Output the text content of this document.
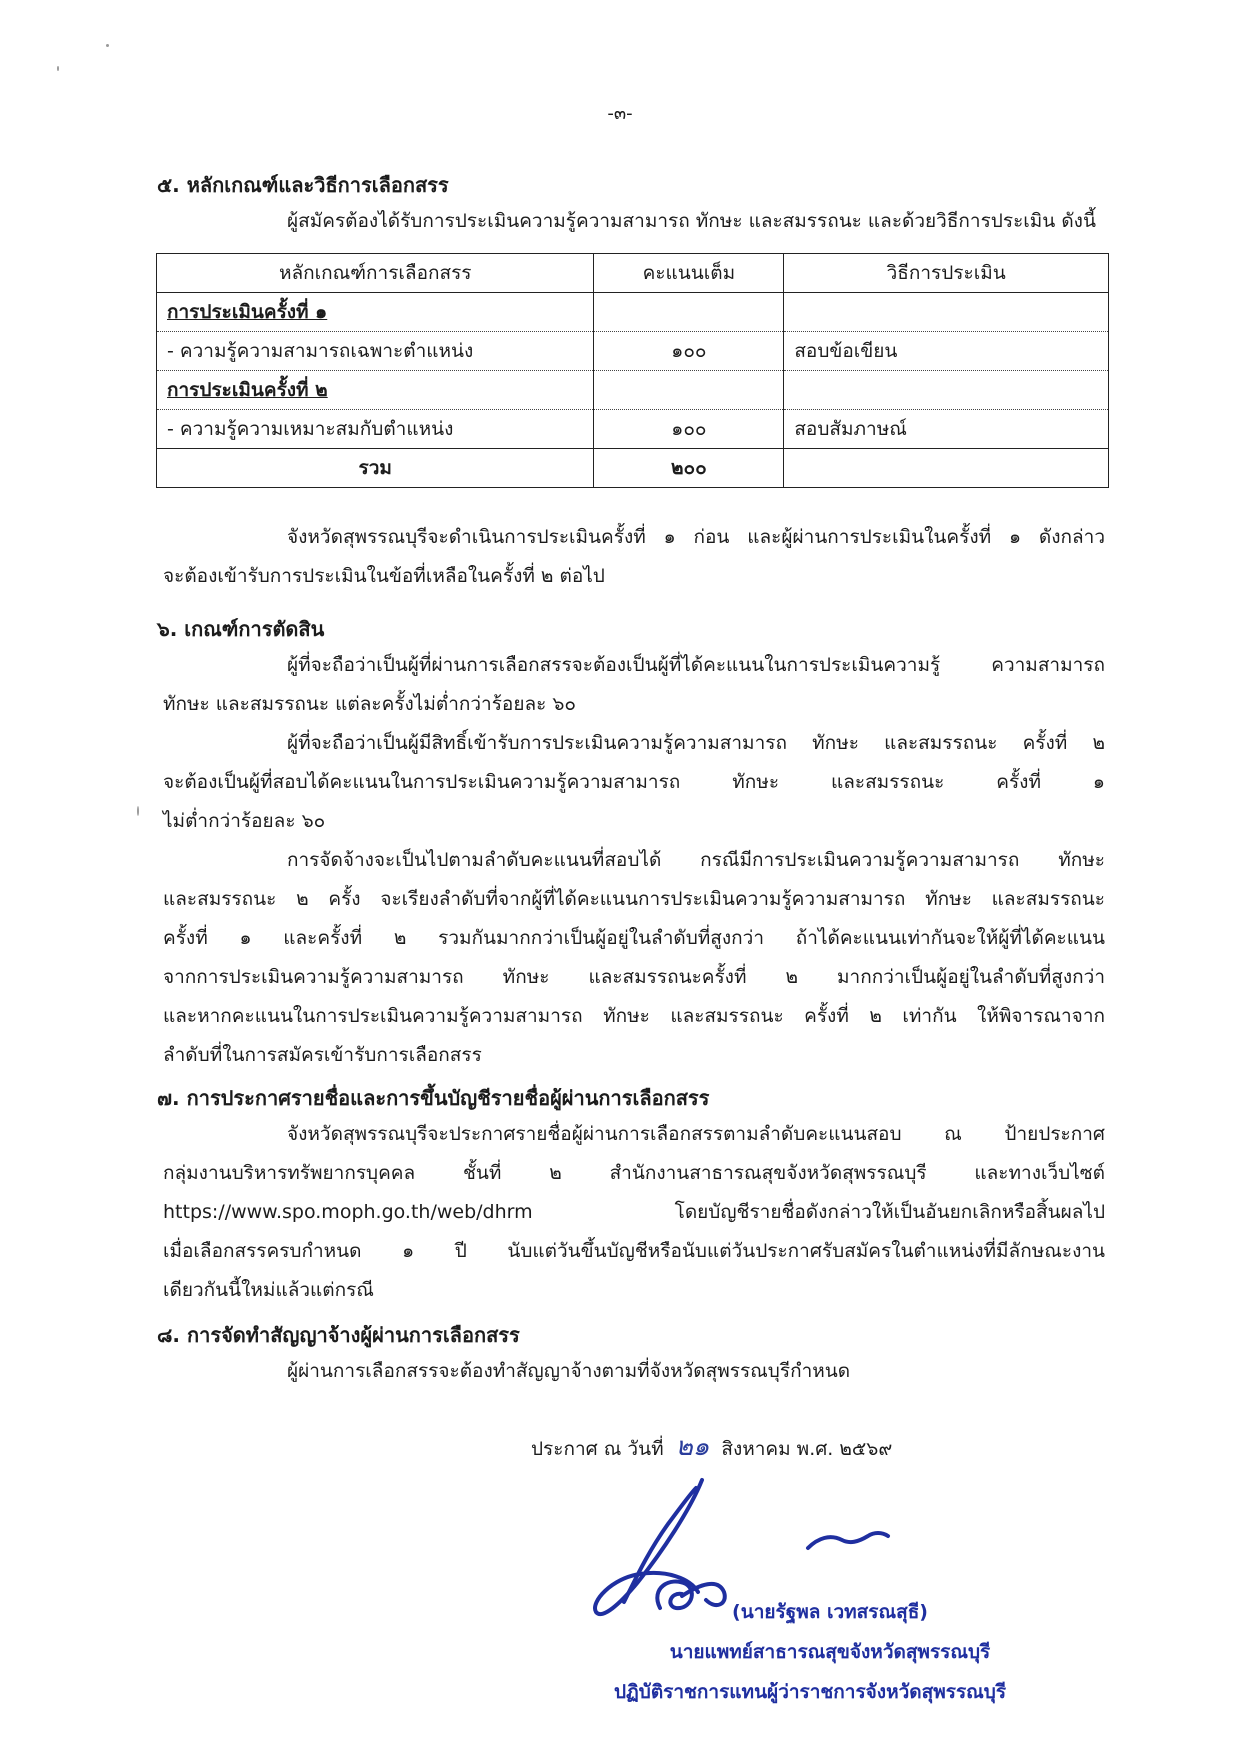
-๓-
๕. หลักเกณฑ์และวิธีการเลือกสรร
ผู้สมัครต้องได้รับการประเมินความรู้ความสามารถ ทักษะ และสมรรถนะ และด้วยวิธีการประเมิน ดังนี้
หลักเกณฑ์การเลือกสรร	คะแนนเต็ม	วิธีการประเมิน
การประเมินครั้งที่ ๑		
- ความรู้ความสามารถเฉพาะตำแหน่ง	๑๐๐	สอบข้อเขียน
การประเมินครั้งที่ ๒		
- ความรู้ความเหมาะสมกับตำแหน่ง	๑๐๐	สอบสัมภาษณ์
รวม	๒๐๐	
จังหวัดสุพรรณบุรีจะดำเนินการประเมินครั้งที่ ๑ ก่อน และผู้ผ่านการประเมินในครั้งที่ ๑ ดังกล่าว
จะต้องเข้ารับการประเมินในข้อที่เหลือในครั้งที่ ๒ ต่อไป
๖. เกณฑ์การตัดสิน
ผู้ที่จะถือว่าเป็นผู้ที่ผ่านการเลือกสรรจะต้องเป็นผู้ที่ได้คะแนนในการประเมินความรู้ ความสามารถ
ทักษะ และสมรรถนะ แต่ละครั้งไม่ต่ำกว่าร้อยละ ๖๐
ผู้ที่จะถือว่าเป็นผู้มีสิทธิ์เข้ารับการประเมินความรู้ความสามารถ ทักษะ และสมรรถนะ ครั้งที่ ๒
จะต้องเป็นผู้ที่สอบได้คะแนนในการประเมินความรู้ความสามารถ ทักษะ และสมรรถนะ ครั้งที่ ๑
ไม่ต่ำกว่าร้อยละ ๖๐
การจัดจ้างจะเป็นไปตามลำดับคะแนนที่สอบได้ กรณีมีการประเมินความรู้ความสามารถ ทักษะ
และสมรรถนะ ๒ ครั้ง จะเรียงลำดับที่จากผู้ที่ได้คะแนนการประเมินความรู้ความสามารถ ทักษะ และสมรรถนะ
ครั้งที่ ๑ และครั้งที่ ๒ รวมกันมากกว่าเป็นผู้อยู่ในลำดับที่สูงกว่า ถ้าได้คะแนนเท่ากันจะให้ผู้ที่ได้คะแนน
จากการประเมินความรู้ความสามารถ ทักษะ และสมรรถนะครั้งที่ ๒ มากกว่าเป็นผู้อยู่ในลำดับที่สูงกว่า
และหากคะแนนในการประเมินความรู้ความสามารถ ทักษะ และสมรรถนะ ครั้งที่ ๒ เท่ากัน ให้พิจารณาจาก
ลำดับที่ในการสมัครเข้ารับการเลือกสรร
๗. การประกาศรายชื่อและการขึ้นบัญชีรายชื่อผู้ผ่านการเลือกสรร
จังหวัดสุพรรณบุรีจะประกาศรายชื่อผู้ผ่านการเลือกสรรตามลำดับคะแนนสอบ ณ ป้ายประกาศ
กลุ่มงานบริหารทรัพยากรบุคคล ชั้นที่ ๒ สำนักงานสาธารณสุขจังหวัดสุพรรณบุรี และทางเว็บไซต์
https://www.spo.moph.go.th/web/dhrm โดยบัญชีรายชื่อดังกล่าวให้เป็นอันยกเลิกหรือสิ้นผลไป
เมื่อเลือกสรรครบกำหนด ๑ ปี นับแต่วันขึ้นบัญชีหรือนับแต่วันประกาศรับสมัครในตำแหน่งที่มีลักษณะงาน
เดียวกันนี้ใหม่แล้วแต่กรณี
๘. การจัดทำสัญญาจ้างผู้ผ่านการเลือกสรร
ผู้ผ่านการเลือกสรรจะต้องทำสัญญาจ้างตามที่จังหวัดสุพรรณบุรีกำหนด
ประกาศ ณ วันที่ ๒๑ สิงหาคม พ.ศ. ๒๕๖๙
(นายรัฐพล เวทสรณสุธี)
นายแพทย์สาธารณสุขจังหวัดสุพรรณบุรี
ปฏิบัติราชการแทนผู้ว่าราชการจังหวัดสุพรรณบุรี
